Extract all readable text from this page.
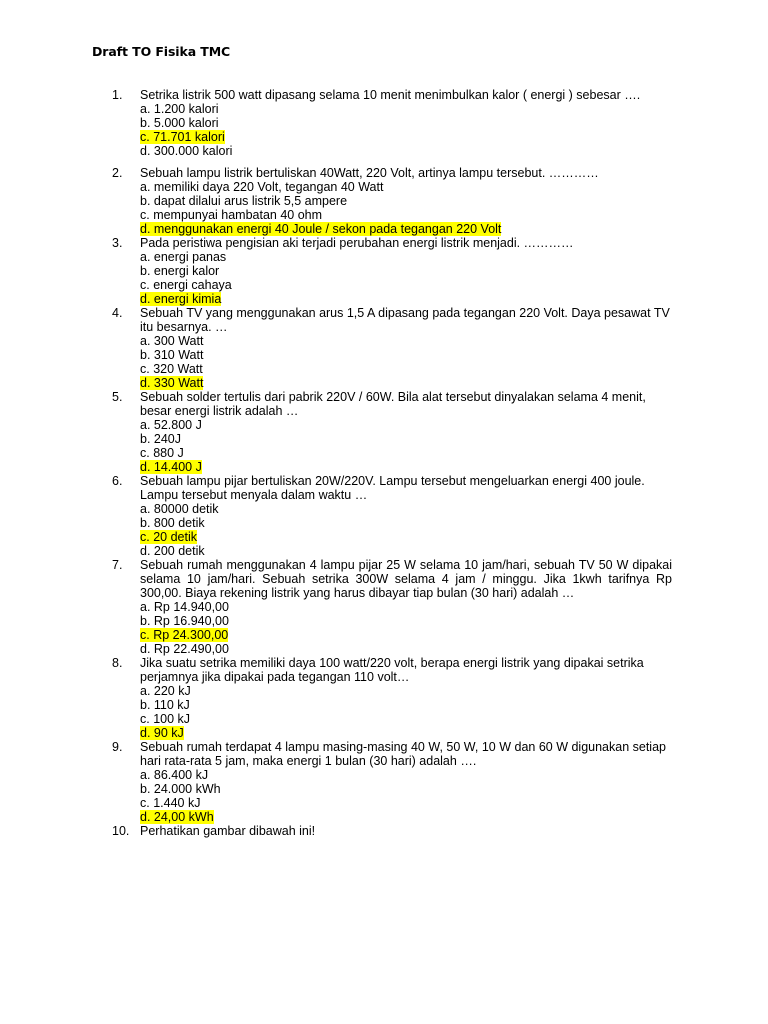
Draft TO Fisika TMC
1.	Setrika listrik 500 watt dipasang selama 10 menit menimbulkan kalor ( energi ) sebesar ….
a. 1.200 kalori
b. 5.000 kalori
c. 71.701 kalori
d. 300.000 kalori
2.	Sebuah lampu listrik bertuliskan 40Watt, 220 Volt, artinya lampu tersebut. …………
a. memiliki daya 220 Volt, tegangan 40 Watt
b. dapat dilalui arus listrik 5,5 ampere
c. mempunyai hambatan 40 ohm
d. menggunakan energi 40 Joule / sekon pada tegangan 220 Volt
3.	Pada peristiwa pengisian aki terjadi perubahan energi listrik menjadi. …………
a. energi panas
b. energi kalor
c. energi cahaya
d. energi kimia
4.	Sebuah TV yang menggunakan arus 1,5 A dipasang pada tegangan 220 Volt. Daya pesawat TV itu besarnya. …
a. 300 Watt
b. 310 Watt
c. 320 Watt
d. 330 Watt
5.	Sebuah solder tertulis dari pabrik 220V / 60W. Bila alat tersebut dinyalakan selama 4 menit, besar energi listrik adalah …
a. 52.800 J
b. 240J
c. 880 J
d. 14.400 J
6.	Sebuah lampu pijar bertuliskan 20W/220V. Lampu tersebut mengeluarkan energi 400 joule. Lampu tersebut menyala dalam waktu …
a. 80000 detik
b. 800 detik
c. 20 detik
d. 200 detik
7.	Sebuah rumah menggunakan 4 lampu pijar 25 W selama 10 jam/hari, sebuah TV 50 W dipakai selama 10 jam/hari. Sebuah setrika 300W selama 4 jam / minggu. Jika 1kwh tarifnya Rp 300,00. Biaya rekening listrik yang harus dibayar tiap bulan (30 hari) adalah …
a. Rp 14.940,00
b. Rp 16.940,00
c. Rp 24.300,00
d. Rp 22.490,00
8.	Jika suatu setrika memiliki daya 100 watt/220 volt, berapa energi listrik yang dipakai setrika perjamnya jika dipakai pada tegangan 110 volt…
a. 220 kJ
b. 110 kJ
c. 100 kJ
d. 90 kJ
9.	Sebuah rumah terdapat 4 lampu masing-masing 40 W, 50 W, 10 W dan 60 W digunakan setiap hari rata-rata 5 jam, maka energi 1 bulan (30 hari) adalah ….
a. 86.400 kJ
b. 24.000 kWh
c. 1.440 kJ
d. 24,00 kWh
10. Perhatikan gambar dibawah ini!
